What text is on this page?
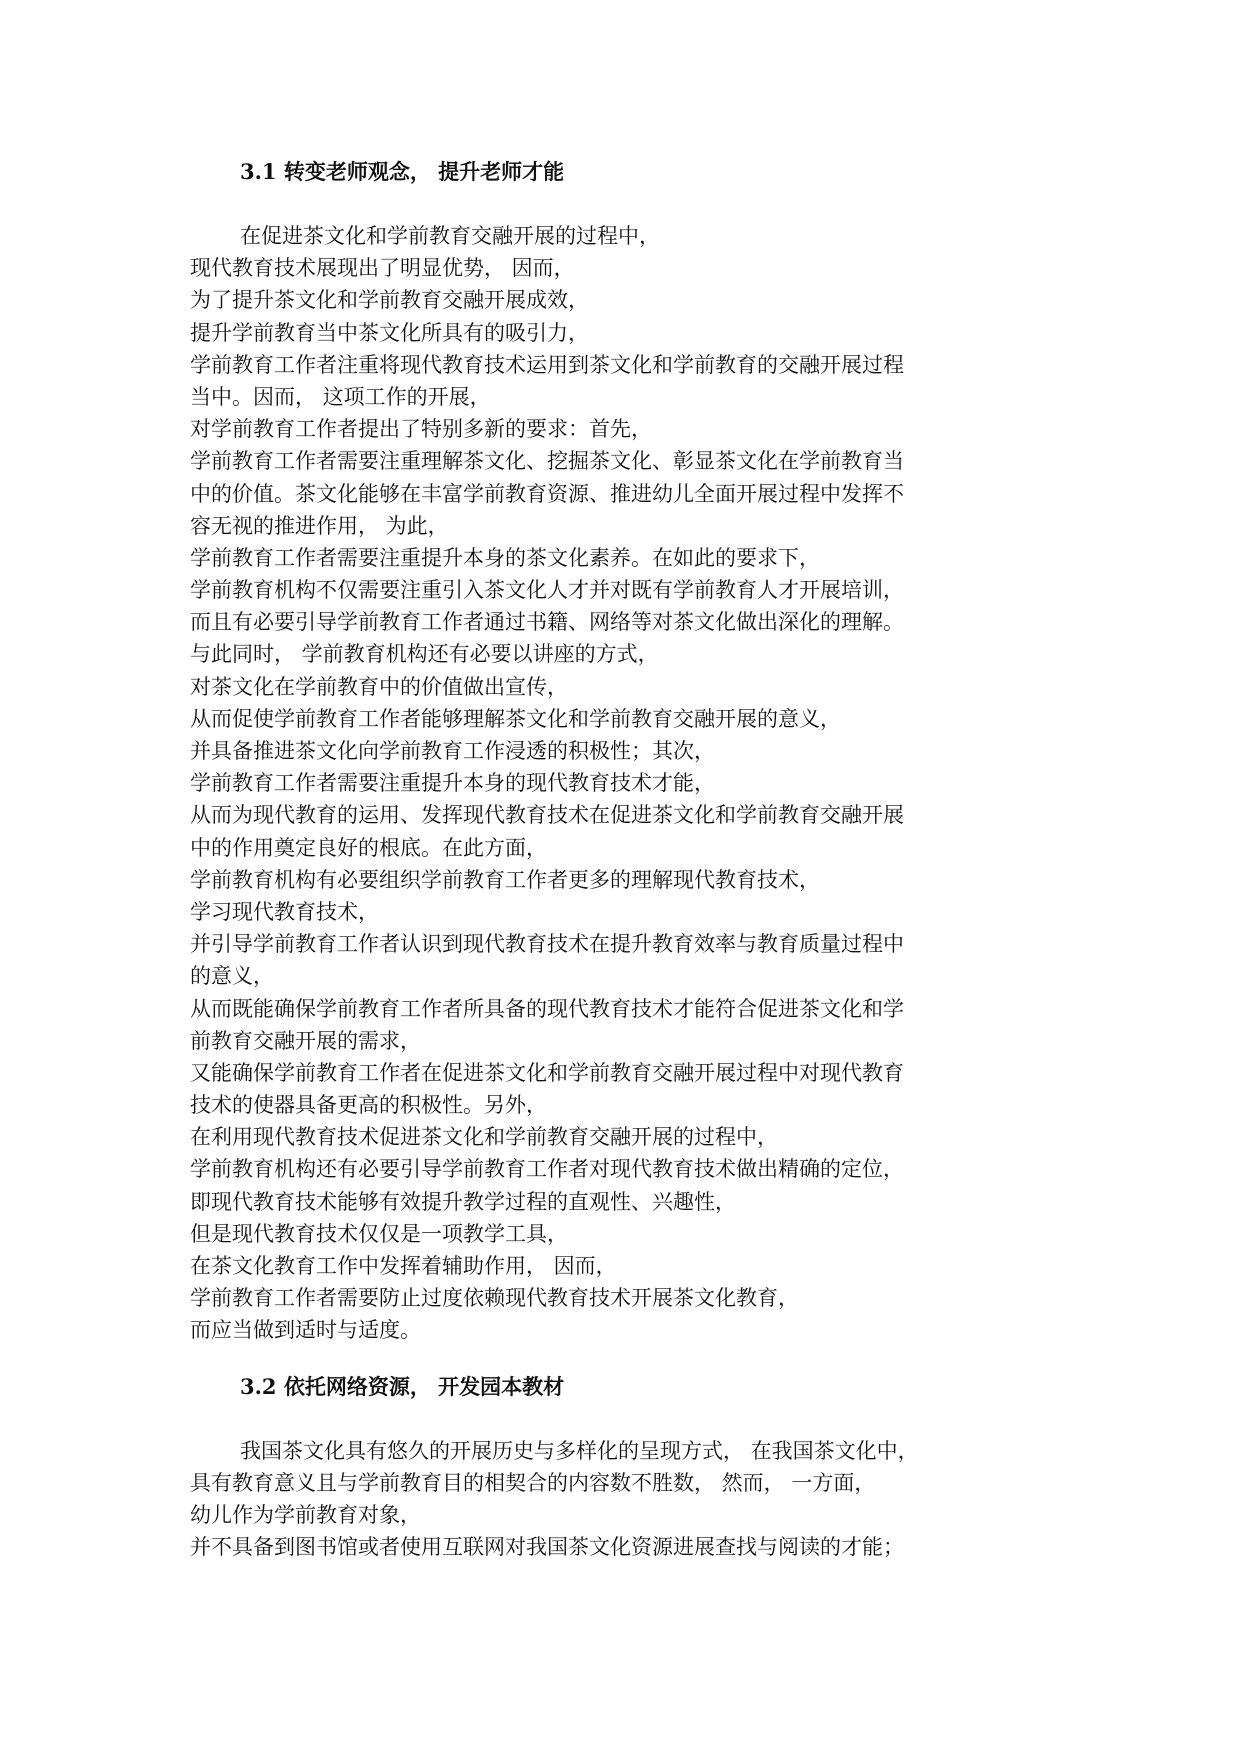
3.1 转变老师观念， 提升老师才能
在促进茶文化和学前教育交融开展的过程中，
现代教育技术展现出了明显优势， 因而，
为了提升茶文化和学前教育交融开展成效，
提升学前教育当中茶文化所具有的吸引力，
学前教育工作者注重将现代教育技术运用到茶文化和学前教育的交融开展过程
当中。因而， 这项工作的开展，
对学前教育工作者提出了特别多新的要求：首先，
学前教育工作者需要注重理解茶文化、挖掘茶文化、彰显茶文化在学前教育当
中的价值。茶文化能够在丰富学前教育资源、推进幼儿全面开展过程中发挥不
容无视的推进作用， 为此，
学前教育工作者需要注重提升本身的茶文化素养。在如此的要求下，
学前教育机构不仅需要注重引入茶文化人才并对既有学前教育人才开展培训，
而且有必要引导学前教育工作者通过书籍、网络等对茶文化做出深化的理解。
与此同时， 学前教育机构还有必要以讲座的方式，
对茶文化在学前教育中的价值做出宣传，
从而促使学前教育工作者能够理解茶文化和学前教育交融开展的意义，
并具备推进茶文化向学前教育工作浸透的积极性；其次，
学前教育工作者需要注重提升本身的现代教育技术才能，
从而为现代教育的运用、发挥现代教育技术在促进茶文化和学前教育交融开展
中的作用奠定良好的根底。在此方面，
学前教育机构有必要组织学前教育工作者更多的理解现代教育技术，
学习现代教育技术，
并引导学前教育工作者认识到现代教育技术在提升教育效率与教育质量过程中
的意义，
从而既能确保学前教育工作者所具备的现代教育技术才能符合促进茶文化和学
前教育交融开展的需求，
又能确保学前教育工作者在促进茶文化和学前教育交融开展过程中对现代教育
技术的使器具备更高的积极性。另外，
在利用现代教育技术促进茶文化和学前教育交融开展的过程中，
学前教育机构还有必要引导学前教育工作者对现代教育技术做出精确的定位，
即现代教育技术能够有效提升教学过程的直观性、兴趣性，
但是现代教育技术仅仅是一项教学工具，
在茶文化教育工作中发挥着辅助作用， 因而，
学前教育工作者需要防止过度依赖现代教育技术开展茶文化教育，
而应当做到适时与适度。
3.2 依托网络资源， 开发园本教材
我国茶文化具有悠久的开展历史与多样化的呈现方式， 在我国茶文化中，
具有教育意义且与学前教育目的相契合的内容数不胜数， 然而， 一方面，
幼儿作为学前教育对象，
并不具备到图书馆或者使用互联网对我国茶文化资源进展查找与阅读的才能；
